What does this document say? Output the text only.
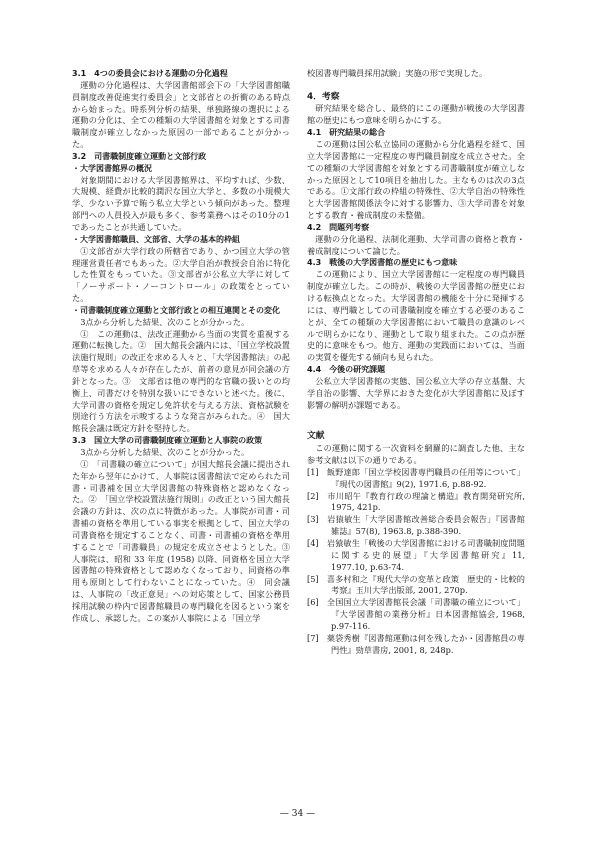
3.1　4つの委員会における運動の分化過程

運動の分化過程は、大学図書館部会下の「大学図書館職員制度改善促進実行委員会」と文部省との折衝のある時点から始まった。時系列分析の結果、単独路線の選択による運動の分化は、全ての種類の大学図書館を対象とする司書職制度が確立しなかった原因の一部であることが分かった。

3.2　司書職制度確立運動と文部行政

・大学図書館界の概況

対象期間における大学図書館界は、平均すれば、少数、大規模、経費が比較的潤沢な国立大学と、多数の小規模大学、少ない予算で賄う私立大学という傾向があった。整理部門への人員投入が最も多く、参考業務へはその10分の1であったことが共通していた。

・大学図書館職員、文部省、大学の基本的枠組

①文部省が大学行政の所轄省であり、かつ国立大学の管理運営責任者でもあった。②大学自治が教授会自治に特化した性質をもっていた。③文部省が公私立大学に対して「ノーサポート・ノーコントロール」の政策をとっていた。

・司書職制度確立運動と文部行政との相互連関とその変化

3点から分析した結果、次のことが分かった。

①　この運動は、法改正運動から当面の実質を重視する運動に転換した。②　国大館長会議内には、「国立学校設置法施行規則」の改正を求める人々と、「大学図書館法」の起草等を求める人々が存在したが、前者の意見が同会議の方針となった。③　文部省は他の専門的な官職の扱いとの均衡上、司書だけを特別な扱いにできないと述べた。後に、大学司書の資格を規定し免許状を与える方法、資格試験を別途行う方法を示唆するような発言がみられた。④　国大館長会議は既定方針を堅持した。

3.3　国立大学の司書職制度確立運動と人事院の政策

3点から分析した結果、次のことが分かった。

①　「司書職の確立について」が国大館長会議に提出された年から翌年にかけて、人事院は図書館法で定められた司書・司書補を国立大学図書館の特殊資格と認めなくなった。②　「国立学校設置法施行規則」の改正という国大館長会議の方針は、次の点に特徴があった。人事院が司書・司書補の資格を準用している事実を根拠として、国立大学の司書資格を規定することなく、司書・司書補の資格を準用することで「司書職員」の規定を成立させようとした。③　人事院は、昭和 33 年度 (1958) 以降、同資格を国立大学図書館の特殊資格として認めなくなっており、同資格の準用も原則として行わないことになっていた。④　同会議は、人事院の「改正意見」への対応策として、国家公務員採用試験の枠内で図書館職員の専門職化を図るという案を作成し、承認した。この案が人事院による「国立学

校図書専門職員採用試験」実施の形で実現した。

4．考察

研究結果を総合し、最終的にこの運動が戦後の大学図書館の歴史にもつ意味を明らかにする。

4.1　研究結果の総合

この運動は国公私立協同の運動から分化過程を経て、国立大学図書館に一定程度の専門職員制度を成立させた。全ての種類の大学図書館を対象とする司書職制度が確立しなかった原因として10項目を抽出した。主なものは次の3点である。①文部行政の枠組の特殊性、②大学自治の特殊性と大学図書館関係法令に対する影響力、③大学司書を対象とする教育・養成制度の未整備。

4.2　問題列考察

運動の分化過程、法制化運動、大学司書の資格と教育・養成制度について論じた。

4.3　戦後の大学図書館の歴史にもつ意味

この運動により、国立大学図書館に一定程度の専門職員制度が確立した。この時が、戦後の大学図書館の歴史における転換点となった。大学図書館の機能を十分に発揮するには、専門職としての司書職制度を確立する必要のあることが、全ての種類の大学図書館において職員の意識のレベルで明らかになり、運動として取り組まれた。この点が歴史的に意味をもつ。他方、運動の実践面においては、当面の実質を優先する傾向も見られた。

4.4　今後の研究課題

公私立大学図書館の実態、国公私立大学の存立基盤、大学自治の影響、大学界におきた変化が大学図書館に及ぼす影響の解明が課題である。

文献

この運動に関する一次資料を網羅的に調査した他、主な参考文献は以下の通りである。

[1]　飯野達郎「国立学校図書専門職員の任用等について」『現代の図書館』9(2), 1971.6, p.88-92.

[2]　市川昭午『教育行政の理論と構造』教育開発研究所, 1975, 421p.

[3]　岩猿敏生「大学図書館改善総合委員会報告」『図書館雑誌』57(8), 1963.8, p.388-390.

[4]　岩猿敏生「戦後の大学図書館における司書職制度問題に関する史的展望」『大学図書館研究』11, 1977.10, p.63-74.

[5]　喜多村和之『現代大学の変革と政策　歴史的・比較的考察』玉川大学出版部, 2001, 270p.

[6]　全国国立大学図書館長会議「司書職の確立について」『大学図書館の業務分析』日本図書館協会, 1968, p.97-116.

[7]　薬袋秀樹『図書館運動は何を残したか・図書館員の専門性』勁草書房, 2001, 8, 248p.

— 34 —
